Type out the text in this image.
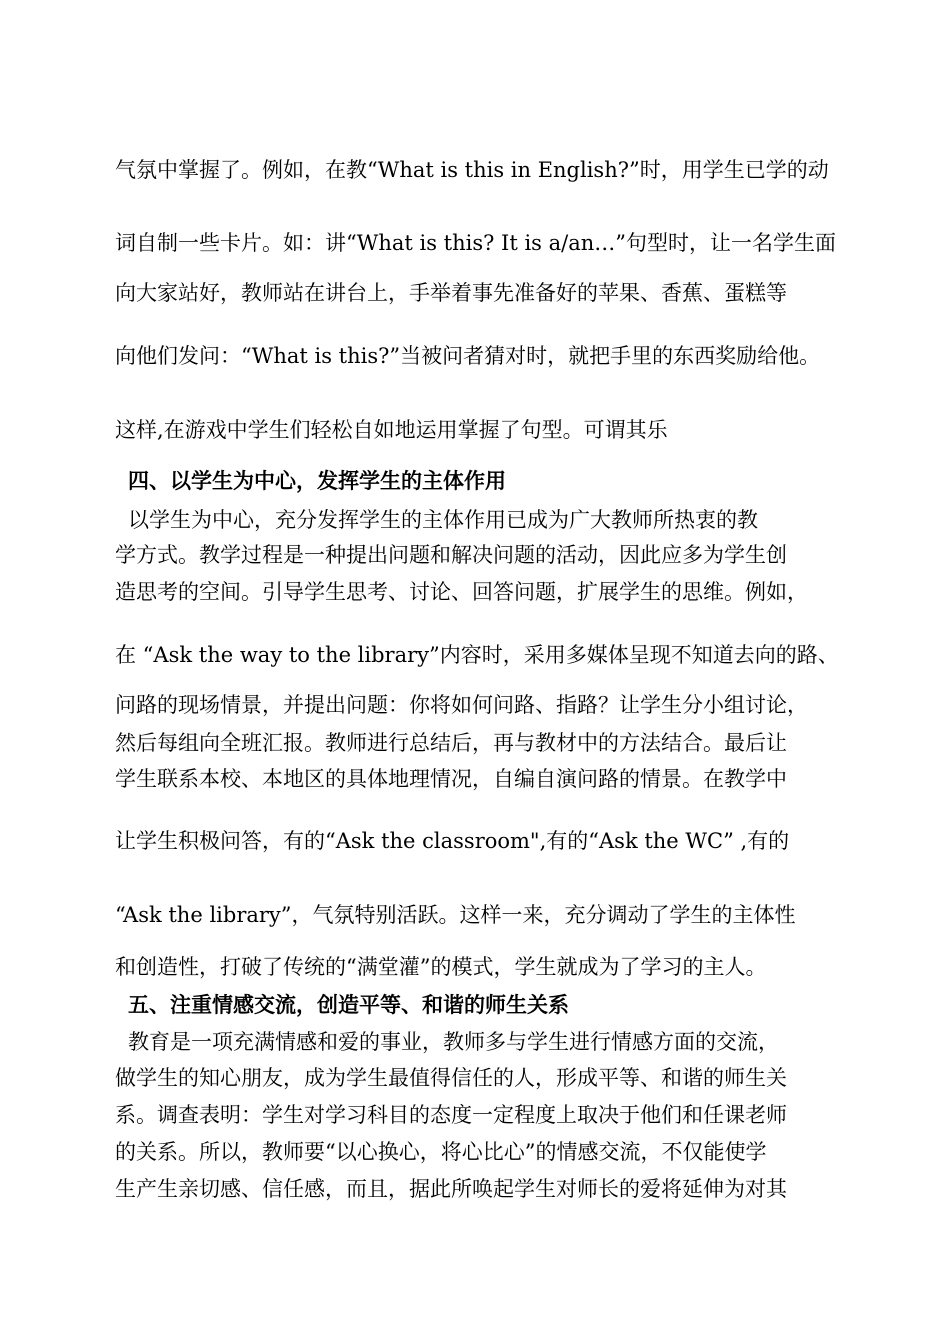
气氛中掌握了。例如，在教“What is this in English?”时，用学生已学的动
词自制一些卡片。如：讲“What is this? It is a/an…”句型时，让一名学生面
向大家站好，教师站在讲台上，手举着事先准备好的苹果、香蕉、蛋糕等
向他们发问：“What is this?”当被问者猜对时，就把手里的东西奖励给他。
这样,在游戏中学生们轻松自如地运用掌握了句型。可谓其乐
四、以学生为中心，发挥学生的主体作用
以学生为中心，充分发挥学生的主体作用已成为广大教师所热衷的教
学方式。教学过程是一种提出问题和解决问题的活动，因此应多为学生创
造思考的空间。引导学生思考、讨论、回答问题，扩展学生的思维。例如，
在 “Ask the way to the library”内容时，采用多媒体呈现不知道去向的路、
问路的现场情景，并提出问题：你将如何问路、指路？让学生分小组讨论，
然后每组向全班汇报。教师进行总结后，再与教材中的方法结合。最后让
学生联系本校、本地区的具体地理情况，自编自演问路的情景。在教学中
让学生积极问答，有的“Ask the classroom",有的“Ask the WC” ,有的
“Ask the library”，气氛特别活跃。这样一来，充分调动了学生的主体性
和创造性，打破了传统的“满堂灌”的模式，学生就成为了学习的主人。
五、注重情感交流，创造平等、和谐的师生关系
教育是一项充满情感和爱的事业，教师多与学生进行情感方面的交流，
做学生的知心朋友，成为学生最值得信任的人，形成平等、和谐的师生关
系。调查表明：学生对学习科目的态度一定程度上取决于他们和任课老师
的关系。所以，教师要“以心换心，将心比心”的情感交流，不仅能使学
生产生亲切感、信任感，而且，据此所唤起学生对师长的爱将延伸为对其
